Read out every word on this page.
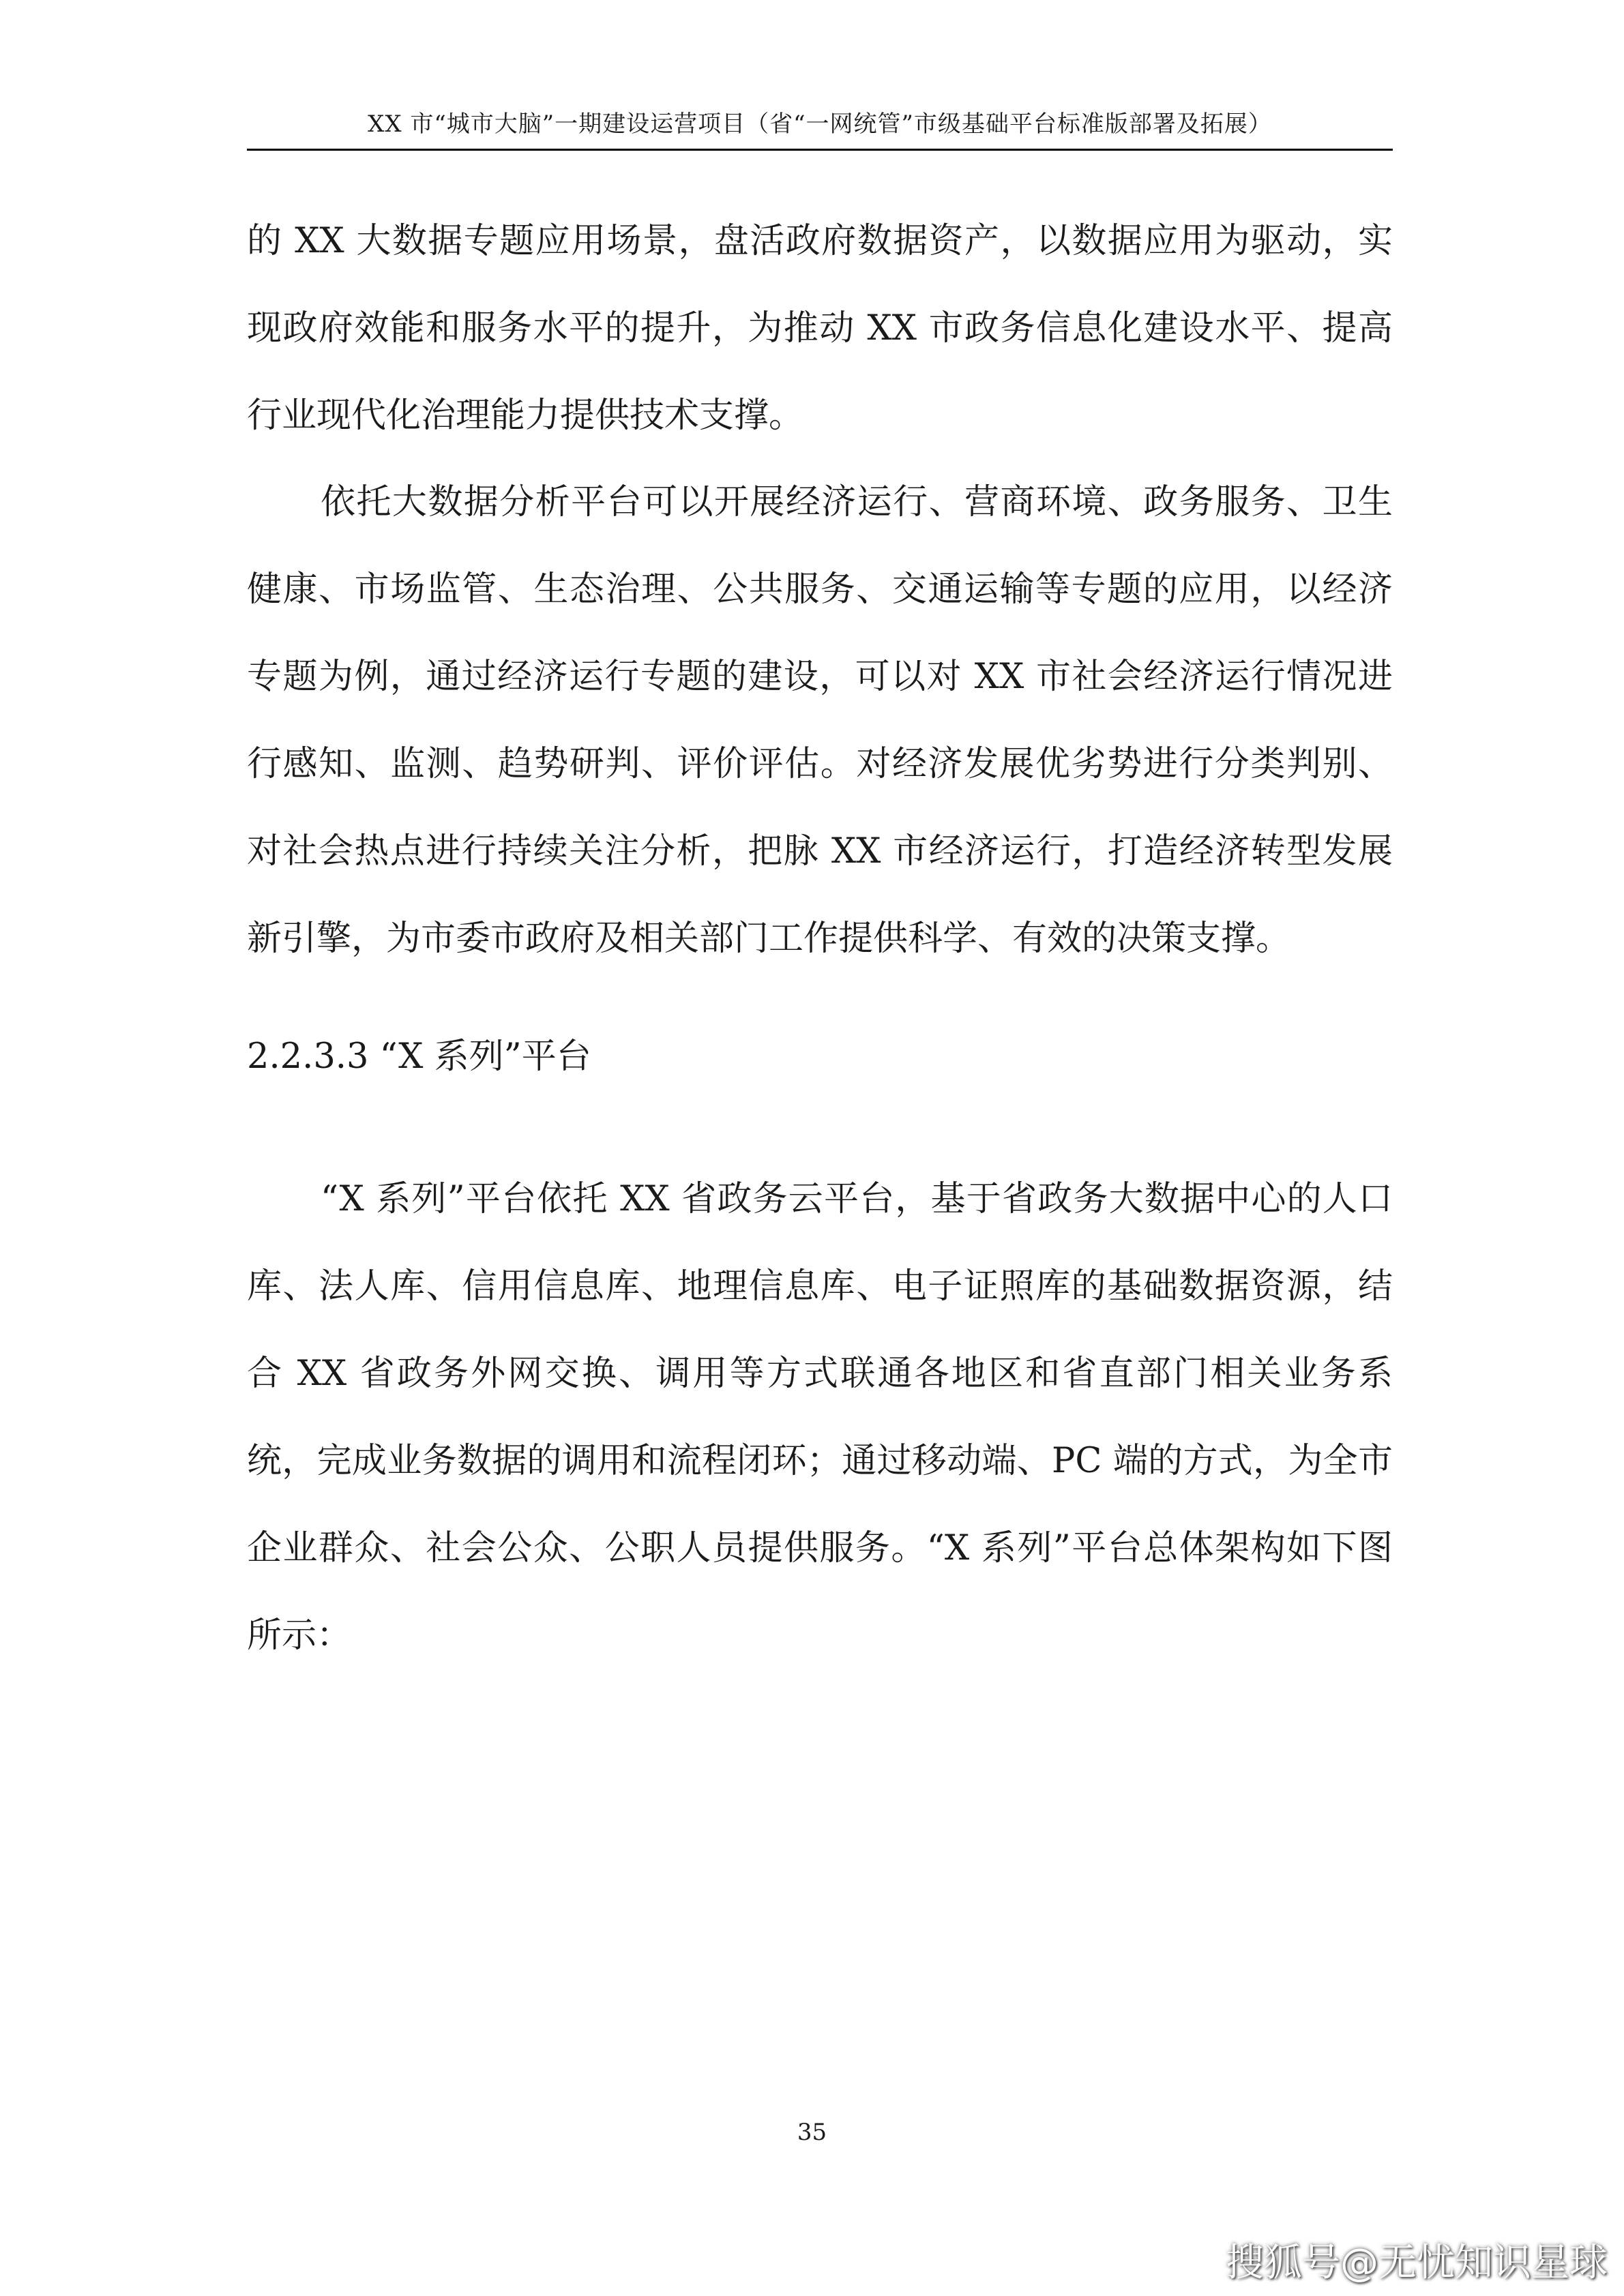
XX 市“城市大脑”一期建设运营项目（省“一网统管”市级基础平台标准版部署及拓展）

的 XX 大数据专题应用场景，盘活政府数据资产，以数据应用为驱动，实现政府效能和服务水平的提升，为推动 XX 市政务信息化建设水平、提高行业现代化治理能力提供技术支撑。

依托大数据分析平台可以开展经济运行、营商环境、政务服务、卫生健康、市场监管、生态治理、公共服务、交通运输等专题的应用，以经济专题为例，通过经济运行专题的建设，可以对 XX 市社会经济运行情况进行感知、监测、趋势研判、评价评估。对经济发展优劣势进行分类判别、对社会热点进行持续关注分析，把脉 XX 市经济运行，打造经济转型发展新引擎，为市委市政府及相关部门工作提供科学、有效的决策支撑。

2.2.3.3 “X 系列”平台

“X 系列”平台依托 XX 省政务云平台，基于省政务大数据中心的人口库、法人库、信用信息库、地理信息库、电子证照库的基础数据资源，结合 XX 省政务外网交换、调用等方式联通各地区和省直部门相关业务系统，完成业务数据的调用和流程闭环；通过移动端、PC 端的方式，为全市企业群众、社会公众、公职人员提供服务。“X 系列”平台总体架构如下图所示：

35
搜狐号@无忧知识星球
